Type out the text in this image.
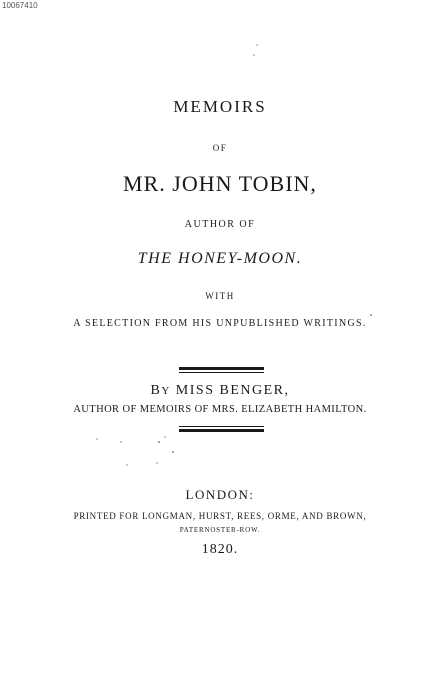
10067410
MEMOIRS
OF
MR. JOHN TOBIN,
AUTHOR OF
THE HONEY-MOON.
WITH
A SELECTION FROM HIS UNPUBLISHED WRITINGS.
BY MISS BENGER,
AUTHOR OF MEMOIRS OF MRS. ELIZABETH HAMILTON.
LONDON:
PRINTED FOR LONGMAN, HURST, REES, ORME, AND BROWN,
PATERNOSTER-ROW.
1820.
